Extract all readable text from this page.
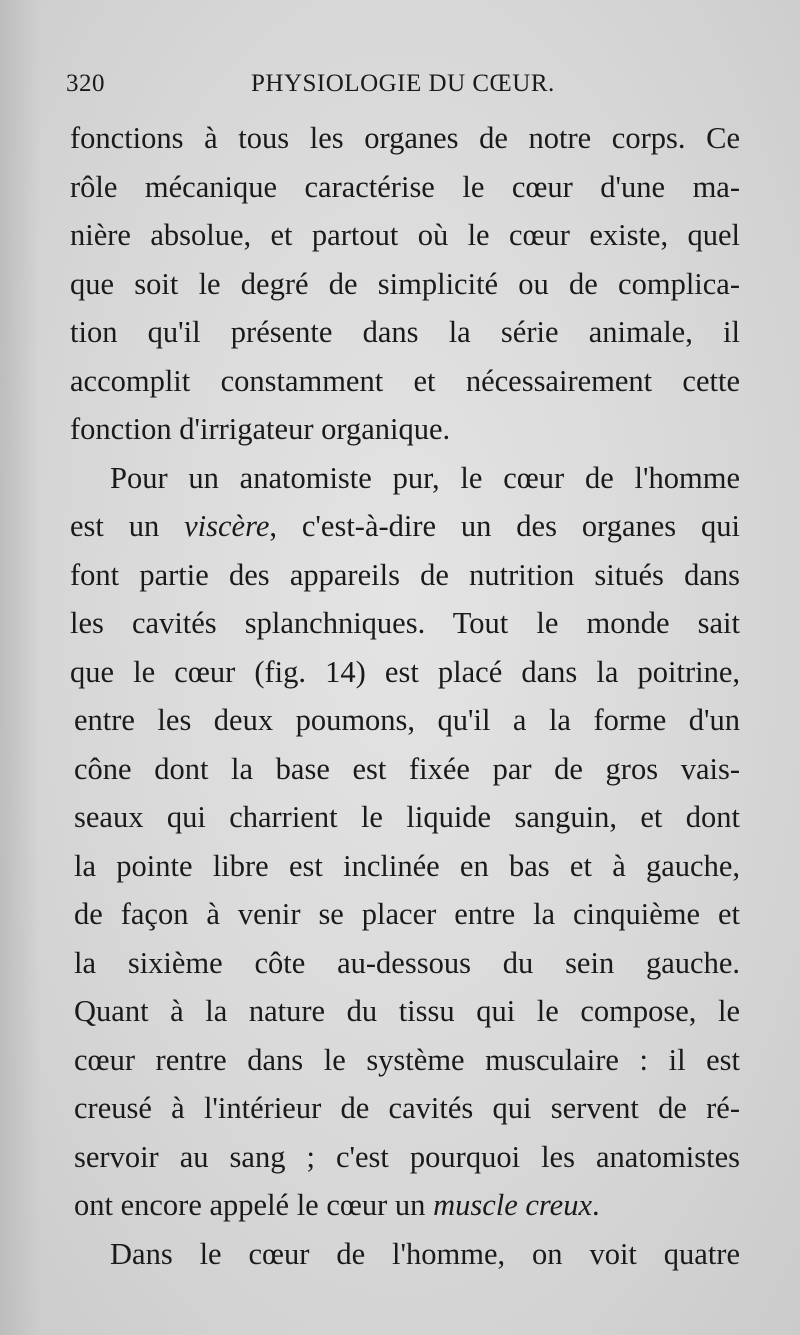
320	PHYSIOLOGIE DU CŒUR.
fonctions à tous les organes de notre corps. Ce
rôle mécanique caractérise le cœur d'une ma-
nière absolue, et partout où le cœur existe, quel
que soit le degré de simplicité ou de complica-
tion qu'il présente dans la série animale, il
accomplit constamment et nécessairement cette
fonction d'irrigateur organique.
Pour un anatomiste pur, le cœur de l'homme
est un viscère, c'est-à-dire un des organes qui
font partie des appareils de nutrition situés dans
les cavités splanchniques. Tout le monde sait
que le cœur (fig. 14) est placé dans la poitrine,
entre les deux poumons, qu'il a la forme d'un
cône dont la base est fixée par de gros vais-
seaux qui charrient le liquide sanguin, et dont
la pointe libre est inclinée en bas et à gauche,
de façon à venir se placer entre la cinquième et
la sixième côte au-dessous du sein gauche.
Quant à la nature du tissu qui le compose, le
cœur rentre dans le système musculaire : il est
creusé à l'intérieur de cavités qui servent de ré-
servoir au sang ; c'est pourquoi les anatomistes
ont encore appelé le cœur un muscle creux.
Dans le cœur de l'homme, on voit quatre
